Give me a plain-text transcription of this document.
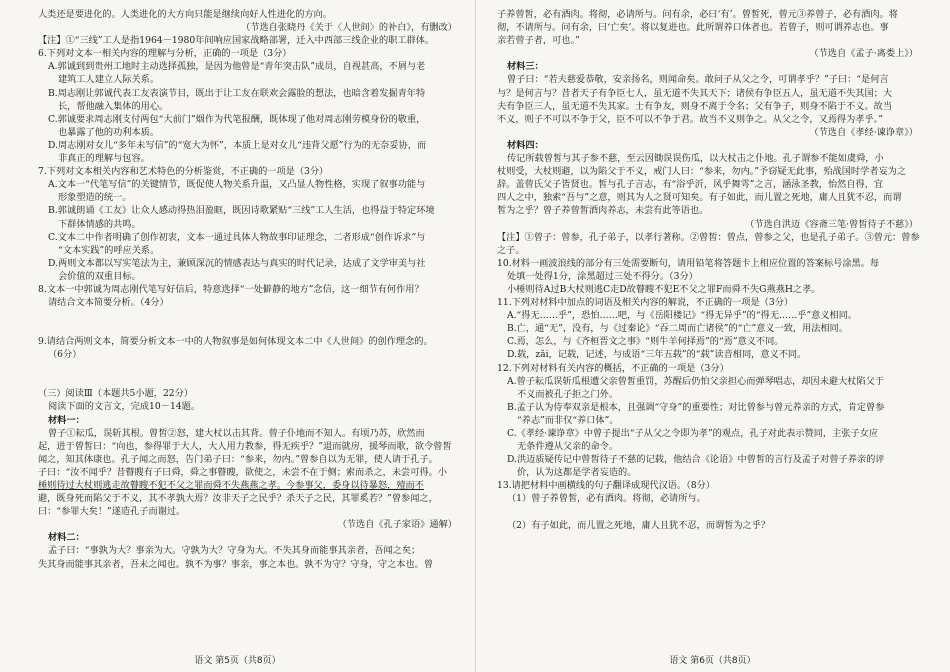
人类还是要进化的。人类进化的大方向只能是继续向好人性进化的方向。
（节选自张晓丹《关于〈人世间〉的补白》，有删改）
【注】①“三线”工人是指1964－1980年间响应国家战略部署，迁入中西部三线企业的职工群体。
6.下列对文本一相关内容的理解与分析，正确的一项是（3分）
A.郭诚到到贵州工地时主动选择孤独，是因为他曾是“青年突击队”成员，自视甚高，不屑与老
建筑工人建立人际关系。
B.周志刚让郭诚代表工友表演节目，既出于让工友在联欢会露脸的想法，也暗含着发掘青年特
长，帮他融入集体的用心。
C.郭诚要求周志刚支付两包“大前门”烟作为代笔报酬，既体现了他对周志刚劳模身份的敬重，
也暴露了他的功利本质。
D.周志刚对女儿“多年未写信”的“宽大为怀”，本质上是对女儿“违背父愿”行为的无奈妥协，而
非真正的理解与包容。
7.下列对文本相关内容和艺术特色的分析鉴赏，不正确的一项是（3分）
A.文本一“代笔写信”的关键情节，既促使人物关系升温，又凸显人物性格，实现了叙事功能与
形象塑造的统一。
B.郭诚朗诵《工友》让众人感动得热泪盈眶，既因诗歌紧贴“三线”工人生活，也得益于特定环境
下群体情感的共鸣。
C.文本二中作者明确了创作初衷，文本一通过具体人物故事印证理念，二者形成“创作诉求”与
“文本实践”的呼应关系。
D.两则文本都以写实笔法为主，兼顾深沉的情感表达与真实的时代记录，达成了文学审美与社
会价值的双重目标。
8.文本一中郭诚为周志刚代笔写好信后，特意选择“一处僻静的地方”念信，这一细节有何作用？
请结合文本简要分析。（4分）
9.请结合两则文本，简要分析文本一中的人物叙事是如何体现文本二中《人世间》的创作理念的。
（6分）
（三）阅读Ⅲ（本题共5小题，22分）
阅读下面的文言文，完成10－14题。
材料一：
曾子①耘瓜，误斩其根。曾皙②怒，建大杖以击其背。曾子仆地而不知人。有顷乃苏，欣然而
起，进于曾皙曰：“向也，参得罪于大人，大人用力教参，得无疾乎？”退而就房，援琴而歌，欲令曾皙
闻之，知其体康也。孔子闻之而怒，告门弟子曰：“参来，勿内。”曾参自以为无罪，使人请于孔子。
子曰：“汝不闻乎？昔瞽瞍有子曰舜，舜之事瞽瞍，欲使之，未尝不在于侧；索而杀之，未尝可得。小
棰则待过大杖则逃走故瞽瞍不犯不父之罪而舜不失燕燕之孝。今参事父，委身以待暴怒，殪而不
避，既身死而陷父于不义，其不孝孰大焉？汝非天子之民乎？杀天子之民，其罪奚若？”曾参闻之，
曰：“参罪大矣！”遂造孔子而谢过。
（节选自《孔子家语》通解）
材料二：
孟子曰：“事孰为大？事亲为大。守孰为大？守身为大。不失其身而能事其亲者，吾闻之矣；
失其身而能事其亲者，吾未之闻也。孰不为事？事亲，事之本也。孰不为守？守身，守之本也。曾
子养曾皙，必有酒肉。将彻，必请所与。问有余，必曰‘有’。曾皙死，曾元③养曾子，必有酒肉。将
彻，不请所与。问有余，曰‘亡矣’。将以复进也。此所谓养口体者也。若曾子，则可谓养志也。事
亲若曾子者，可也。”
（节选自《孟子·离娄上》）
材料三：
曾子曰：“若夫慈爱恭敬，安亲扬名，则闻命矣。敢问子从父之令，可谓孝乎？”子曰：“是何言
与？是何言与？昔者天子有争臣七人，虽无道不失其天下；诸侯有争臣五人，虽无道不失其国；大
夫有争臣三人，虽无道不失其家。士有争友，则身不离于令名；父有争子，则身不陷于不义。故当
不义，则子不可以不争于父，臣不可以不争于君。故当不义则争之。从父之令，又焉得为孝乎。”
（节选自《孝经·谏诤章》）
材料四：
传记所载曾皙与其子参不慈，至云因锄误误伤瓜，以大杖击之仆地。孔子谓参不能如虞舜，小
杖则受，大杖则避，以为陷父于不义，戒门人曰：“参来，勿内。”予窃疑无此事，殆战国时学者妄为之
辞。盖曾氏父子皆贤也。皙与孔子言志，有“浴乎沂，风乎舞雩”之言，涵泳圣教，怡然自得，宜
四人之中，独索“吾与”之意，则其为人之贤可知矣。有子如此，而儿置之死地，庸人且犹不忍，而谓
皙为之乎？曾子养曾皙酒肉养志，未尝有此等语也。
（节选自洪迈《容斋三笔·曾皙待子不慈》）
【注】①曾子：曾参，孔子弟子，以孝行著称。②曾皙：曾点，曾参之父，也是孔子弟子。③曾元：曾参
之子。
10.材料一画波浪线的部分有三处需要断句，请用铅笔将答题卡上相应位置的答案标号涂黑。每
处填一处得1分，涂黑超过三处不得分。（3分）
小棰则待A过B大杖则逃C走D故瞽瞍不犯E不父之罪F而舜不失G燕燕H之孝。
11.下列对材料中加点的词语及相关内容的解说，不正确的一项是（3分）
A.“得无……乎”，恐怕……吧，与《岳阳楼记》“得无异乎”的“得无……乎”意义相同。
B.亡，通“无”，没有，与《过秦论》“吞二周而亡诸侯”的“亡”意义一致，用法相同。
C.焉，怎么，与《齐桓晋文之事》“则牛羊何择焉”的“焉”意义不同。
D.载，zǎi，记载，记述，与成语“三年五载”的“载”读音相同，意义不同。
12.下列对材料有关内容的概括，不正确的一项是（3分）
A.曾子耘瓜误斩瓜根遭父亲曾皙重罚，苏醒后仍怕父亲担心而弹琴唱志，却因未避大杖陷父于
不义而被孔子拒之门外。
B.孟子认为侍奉双亲是根本，且强调“守身”的重要性；对比曾参与曾元养亲的方式，肯定曾参
“养志”而非仅“养口体”。
C.《孝经·谏诤章》中曾子提出“子从父之令即为孝”的观点，孔子对此表示赞同，主张子女应
无条件遵从父亲的命令。
D.洪迈质疑传记中曾皙待子不慈的记载，他结合《论语》中曾皙的言行及孟子对曾子养亲的评
价，认为这都是学者妄造的。
13.请把材料中画横线的句子翻译成现代汉语。（8分）
（1）曾子养曾皙，必有酒肉。将彻，必请所与。
（2）有子如此，而儿置之死地，庸人且犹不忍，而谓皙为之乎？
语文 第5页（共8页）	语文 第6页（共8页）
